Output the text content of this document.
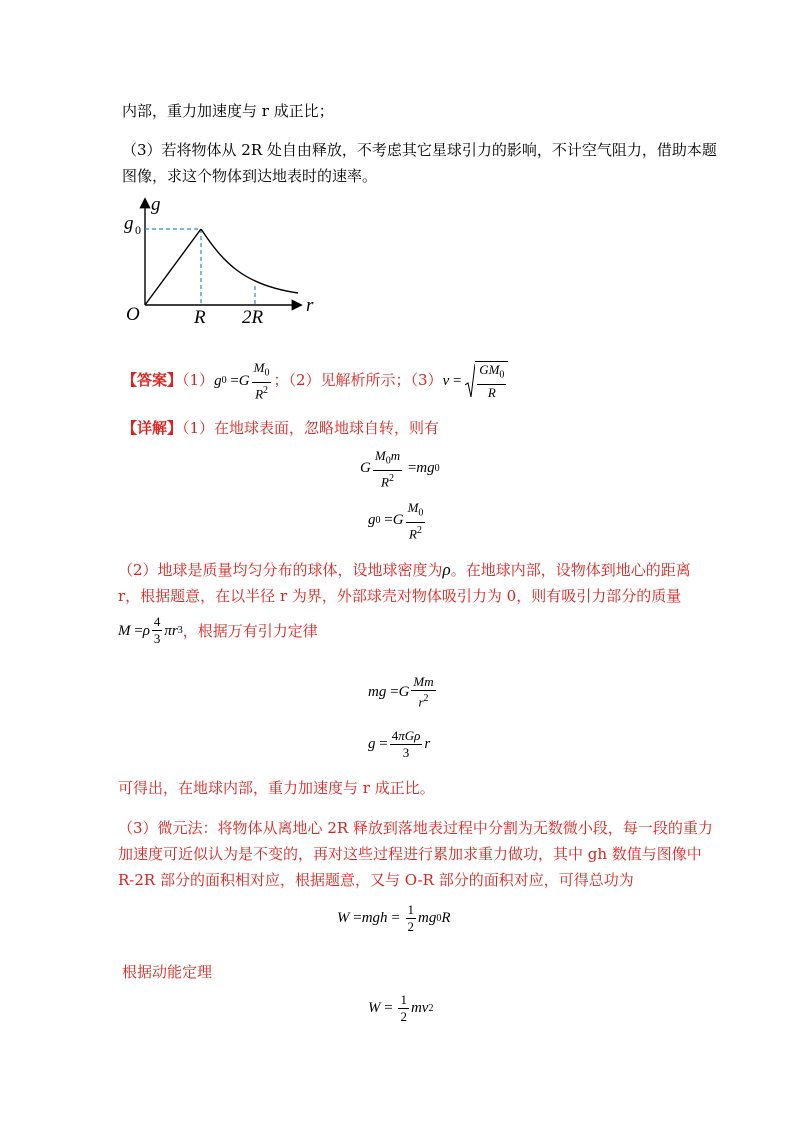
内部，重力加速度与 r 成正比；
（3）若将物体从 2R 处自由释放，不考虑其它星球引力的影响，不计空气阻力，借助本题
图像，求这个物体到达地表时的速率。
g
g 0
O	r
R 2R
【答案】（1） g 0 = G $\frac{M_0}{R^2}$ ；（2）见解析所示；（3） $v = \frac{GM_0}{R}$
【详解】（1）在地球表面，忽略地球自转，则有
G $\frac{M_0m}{R^2}$ = mg 0
g 0 = G $\frac{M_0}{R^2}$
（2）地球是质量均匀分布的球体，设地球密度为ρ。在地球内部，设物体到地心的距离
r，根据题意，在以半径 r 为界，外部球壳对物体吸引力为 0，则有吸引力部分的质量
M = ρ $\frac{4}{3}$ πr 3 ，根据万有引力定律
mg = G $\frac{Mm}{r^2}$
$g = \frac{\text{4πGρ}}{3}$ r
可得出，在地球内部，重力加速度与 r 成正比。
（3）微元法：将物体从离地心 2R 释放到落地表过程中分割为无数微小段，每一段的重力
加速度可近似认为是不变的，再对这些过程进行累加求重力做功，其中 gh 数值与图像中
R-2R 部分的面积相对应，根据题意，又与 O-R 部分的面积对应，可得总功为
W = mgh = $\frac{1}{2}$ mg 0 R
根据动能定理
$W = \frac{1}{2}$ mv 2
